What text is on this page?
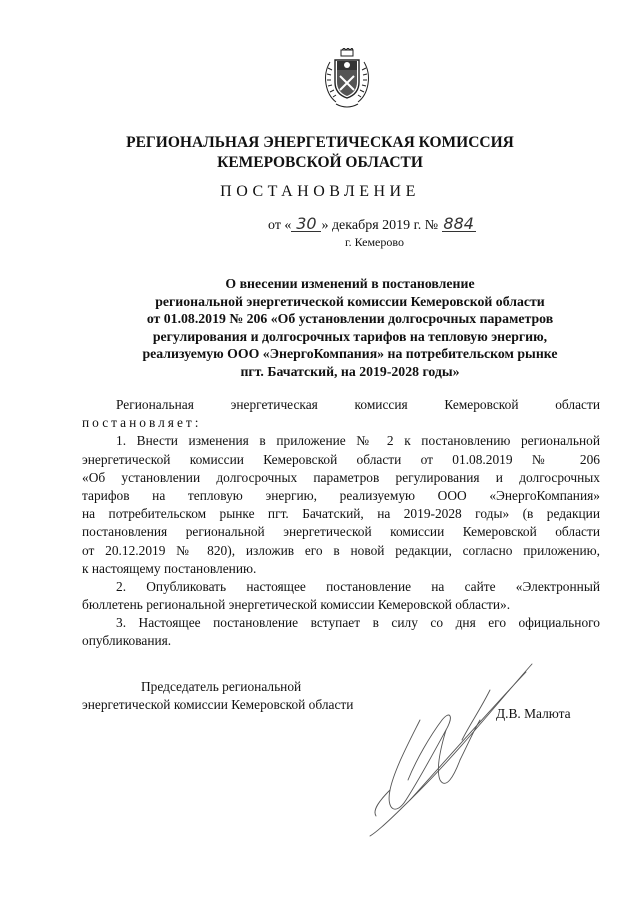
РЕГИОНАЛЬНАЯ ЭНЕРГЕТИЧЕСКАЯ КОМИССИЯ
КЕМЕРОВСКОЙ ОБЛАСТИ
ПОСТАНОВЛЕНИЕ
от « 30 » декабря 2019 г. № 884
г. Кемерово
О внесении изменений в постановление
региональной энергетической комиссии Кемеровской области
от 01.08.2019 № 206 «Об установлении долгосрочных параметров
регулирования и долгосрочных тарифов на тепловую энергию,
реализуемую ООО «ЭнергоКомпания» на потребительском рынке
пгт. Бачатский, на 2019-2028 годы»
Региональная энергетическая комиссия Кемеровской области
постановляет:
1. Внести изменения в приложение № 2 к постановлению региональной
энергетической комиссии Кемеровской области от 01.08.2019 № 206
«Об установлении долгосрочных параметров регулирования и долгосрочных
тарифов на тепловую энергию, реализуемую ООО «ЭнергоКомпания»
на потребительском рынке пгт. Бачатский, на 2019-2028 годы» (в редакции
постановления региональной энергетической комиссии Кемеровской области
от 20.12.2019 № 820), изложив его в новой редакции, согласно приложению,
к настоящему постановлению.
2. Опубликовать настоящее постановление на сайте «Электронный
бюллетень региональной энергетической комиссии Кемеровской области».
3. Настоящее постановление вступает в силу со дня его официального
опубликования.
Председатель региональной
энергетической комиссии Кемеровской области
Д.В. Малюта
